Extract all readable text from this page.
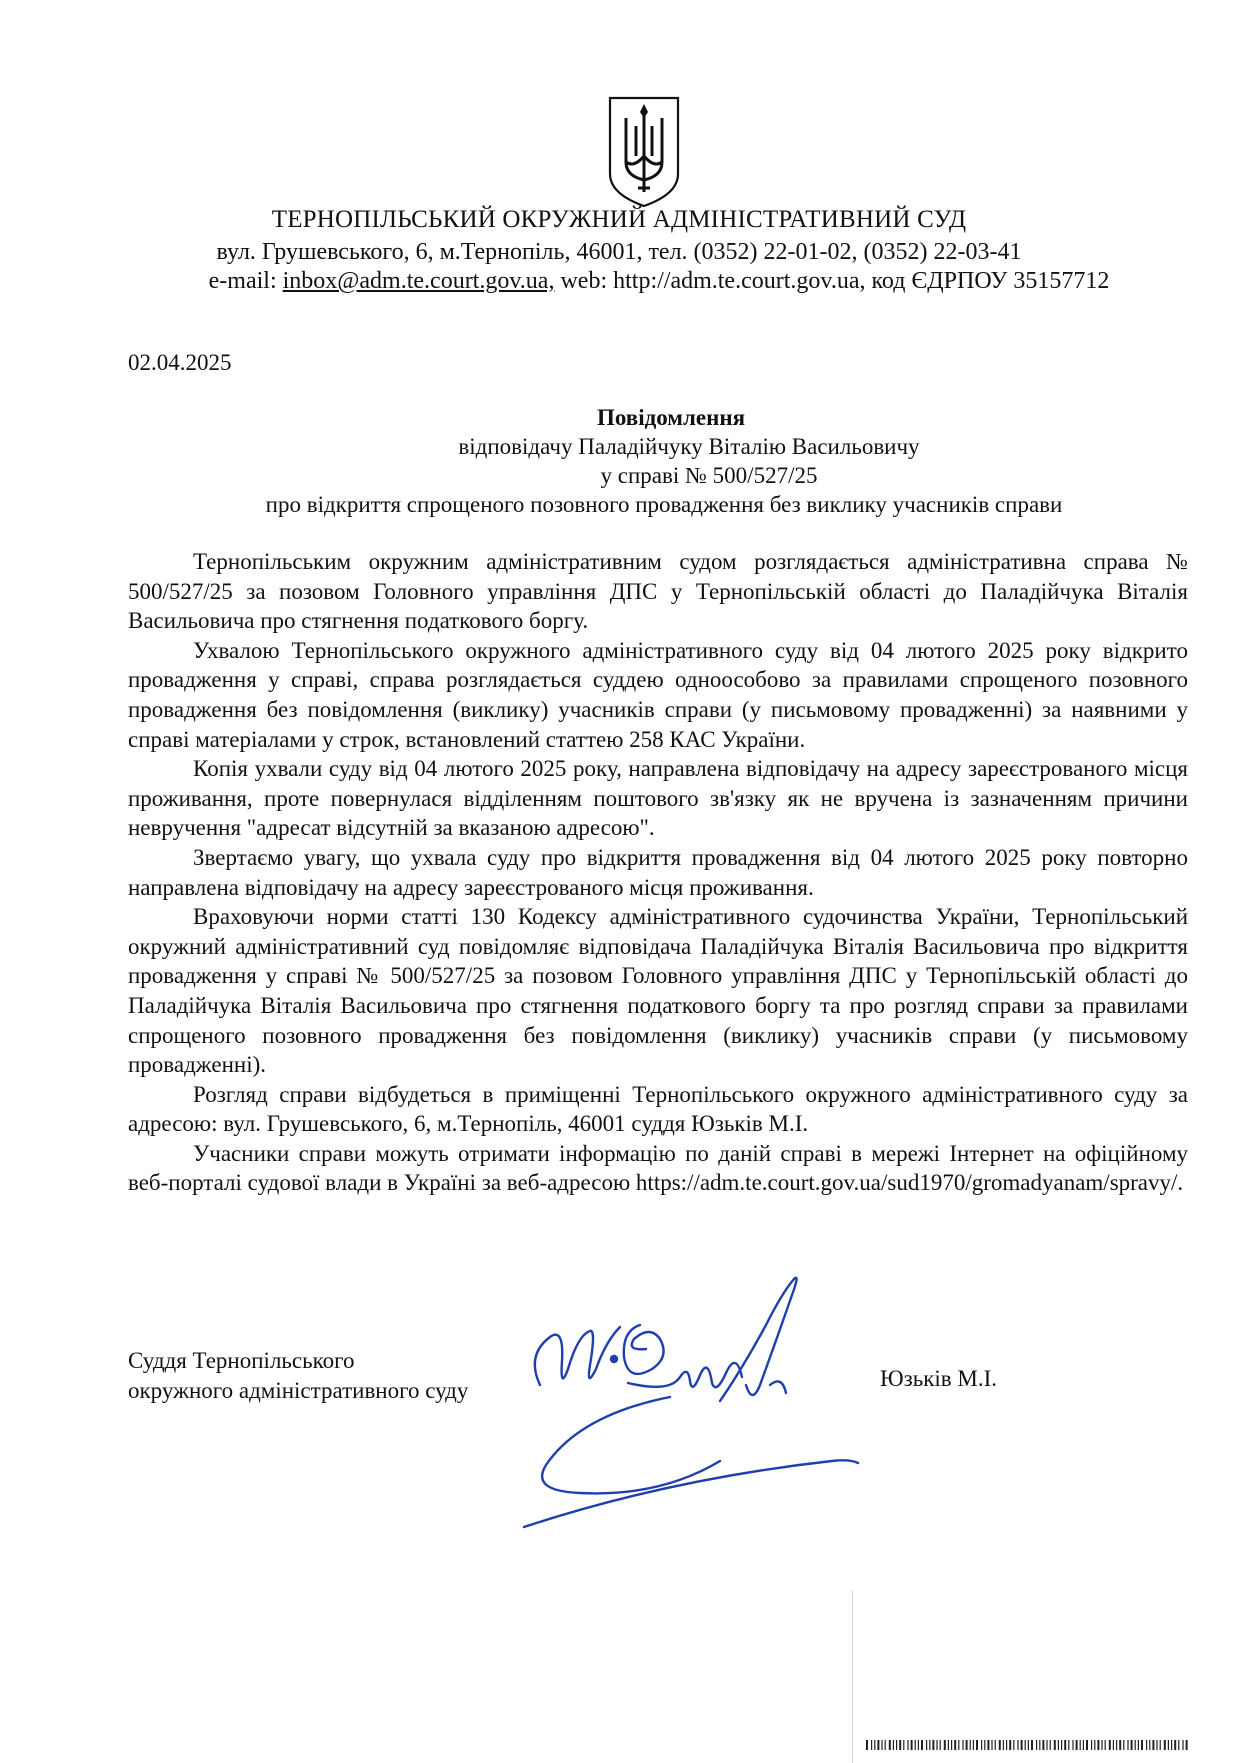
ТЕРНОПІЛЬСЬКИЙ ОКРУЖНИЙ АДМІНІСТРАТИВНИЙ СУД
вул. Грушевського, 6, м.Тернопіль, 46001, тел. (0352) 22-01-02, (0352) 22-03-41
e-mail: inbox@adm.te.court.gov.ua, web: http://adm.te.court.gov.ua, код ЄДРПОУ 35157712
02.04.2025
Повідомлення
відповідачу Паладійчуку Віталію Васильовичу
у справі № 500/527/25
про відкриття спрощеного позовного провадження без виклику учасників справи

Тернопільським окружним адміністративним судом розглядається адміністративна справа № 500/527/25 за позовом Головного управління ДПС у Тернопільській області до Паладійчука Віталія Васильовича про стягнення податкового боргу.

Ухвалою Тернопільського окружного адміністративного суду від 04 лютого 2025 року відкрито провадження у справі, справа розглядається суддею одноособово за правилами спрощеного позовного провадження без повідомлення (виклику) учасників справи (у письмовому провадженні) за наявними у справі матеріалами у строк, встановлений статтею 258 КАС України.

Копія ухвали суду від 04 лютого 2025 року, направлена відповідачу на адресу зареєстрованого місця проживання, проте повернулася відділенням поштового зв'язку як не вручена із зазначенням причини невручення "адресат відсутній за вказаною адресою".

Звертаємо увагу, що ухвала суду про відкриття провадження від 04 лютого 2025 року повторно направлена відповідачу на адресу зареєстрованого місця проживання.

Враховуючи норми статті 130 Кодексу адміністративного судочинства України, Тернопільський окружний адміністративний суд повідомляє відповідача Паладійчука Віталія Васильовича про відкриття провадження у справі № 500/527/25 за позовом Головного управління ДПС у Тернопільській області до Паладійчука Віталія Васильовича про стягнення податкового боргу та про розгляд справи за правилами спрощеного позовного провадження без повідомлення (виклику) учасників справи (у письмовому провадженні).

Розгляд справи відбудеться в приміщенні Тернопільського окружного адміністративного суду за адресою: вул. Грушевського, 6, м.Тернопіль, 46001 суддя Юзьків М.І.

Учасники справи можуть отримати інформацію по даній справі в мережі Інтернет на офіційному веб-порталі судової влади в Україні за веб-адресою https://adm.te.court.gov.ua/sud1970/gromadyanam/spravy/.

Суддя Тернопільського
окружного адміністративного суду	Юзьків М.І.
